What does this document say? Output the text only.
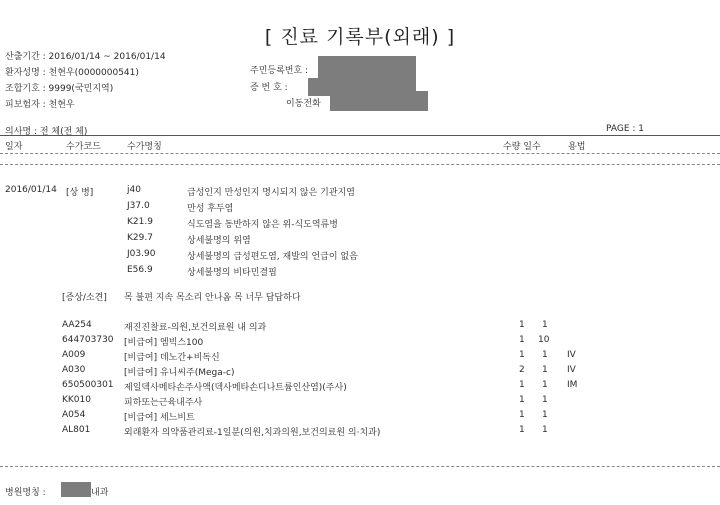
[ 진료 기록부(외래) ]
산출기간 : 2016/01/14 ~ 2016/01/14
환자성명 : 천현우(0000000541)
조합기호 : 9999(국민지역)
피보험자 : 천현우
주민등록번호 :
증 번 호 :
이동전화
의사명 : 전 체(전 체)	PAGE : 1
일자	수가코드	수가명칭	수량 일수	용법
2016/01/14 [상 병]	j40	급성인지 만성인지 명시되지 않은 기관지염
J37.0	만성 후두염
K21.9	식도염을 동반하지 않은 위-식도역류병
K29.7	상세불명의 위염
J03.90	상세불명의 급성편도염, 재발의 언급이 없음
E56.9	상세불명의 비타민결핍
[증상/소견] 목 불편 지속 목소리 안나옴 목 너무 답답하다
AA254	재진진찰료-의원,보건의료원 내 의과	1 1
644703730 [비급여] 엠빅스100	1 10
A009	[비급여] 데노간+비독신	1 1 IV
A030	[비급여] 유니씨주(Mega-c)	2 1 IV
650500301 제일덱사메타손주사액(덱사메타손디나트륨인산염)(주사)	1 1 IM
KK010	피하또는근육내주사	1 1
A054	[비급여] 세느비트	1 1
AL801	외래환자 의약품관리료-1일분(의원,치과의원,보건의료원 의·치과)	1 1
병원명칭 :	내과
